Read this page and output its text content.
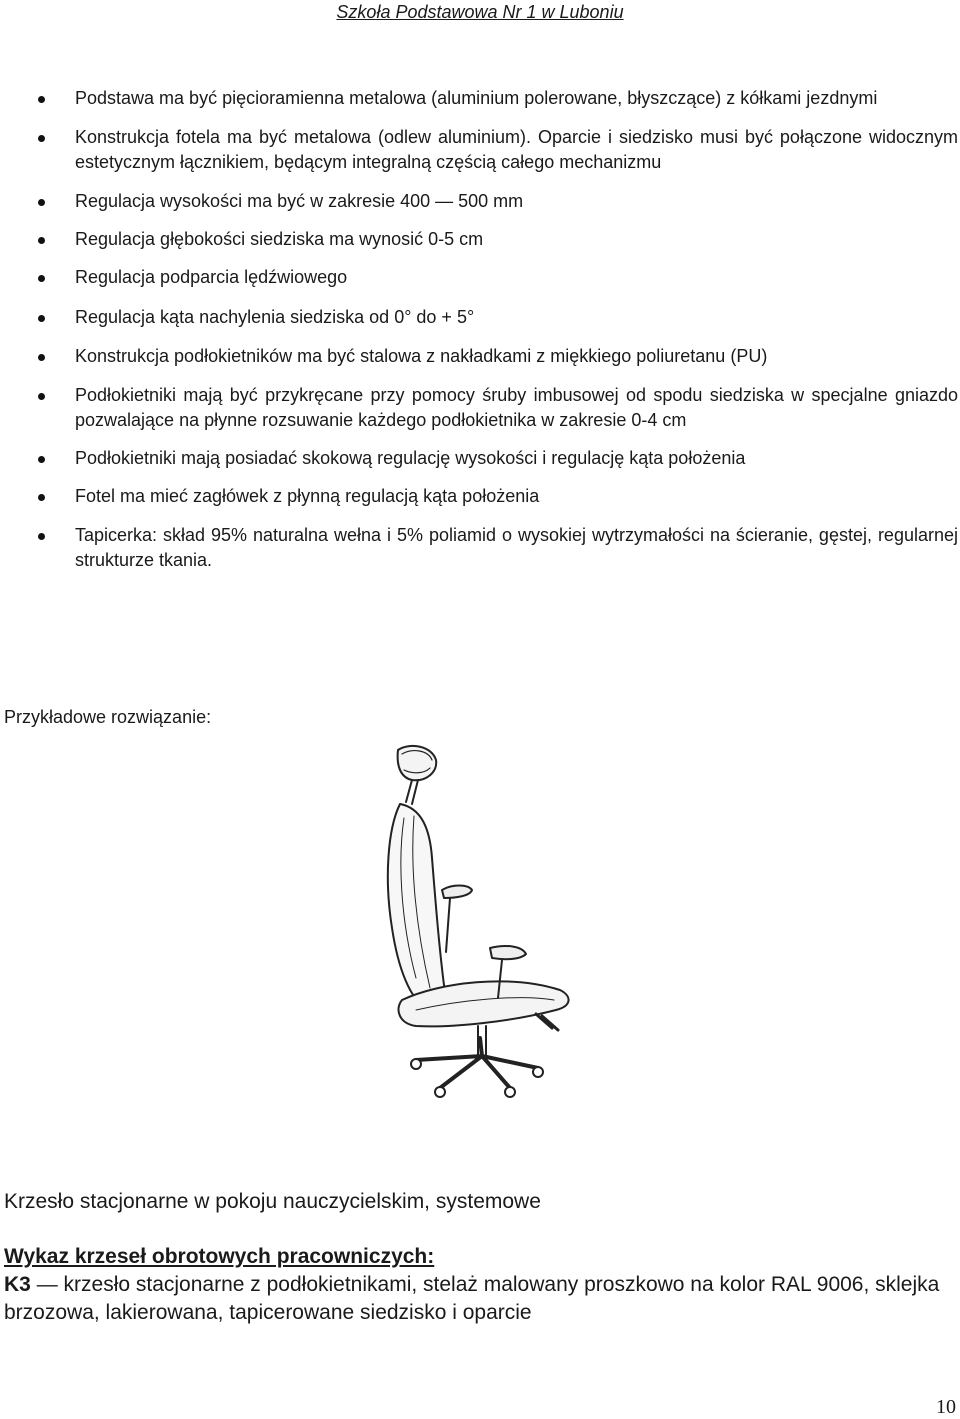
Szkoła Podstawowa Nr 1 w Luboniu
Podstawa ma być pięcioramienna metalowa (aluminium polerowane, błyszczące) z kółkami jezdnymi
Konstrukcja fotela ma być metalowa (odlew aluminium). Oparcie i siedzisko musi być połączone widocznym estetycznym łącznikiem, będącym integralną częścią całego mechanizmu
Regulacja wysokości ma być w zakresie 400 — 500 mm
Regulacja głębokości siedziska ma wynosić 0-5 cm
Regulacja podparcia lędźwiowego
Regulacja kąta nachylenia siedziska od 0° do + 5°
Konstrukcja podłokietników ma być stalowa z nakładkami z miękkiego poliuretanu (PU)
Podłokietniki mają być przykręcane przy pomocy śruby imbusowej od spodu siedziska w specjalne gniazdo pozwalające na płynne rozsuwanie każdego podłokietnika w zakresie 0-4 cm
Podłokietniki mają posiadać skokową regulację wysokości i regulację kąta położenia
Fotel ma mieć zagłówek z płynną regulacją kąta położenia
Tapicerka: skład 95% naturalna wełna i 5% poliamid o wysokiej wytrzymałości na ścieranie, gęstej, regularnej strukturze tkania.
Przykładowe rozwiązanie:
Krzesło stacjonarne w pokoju nauczycielskim, systemowe
Wykaz krzeseł obrotowych pracowniczych:
K3 — krzesło stacjonarne z podłokietnikami, stelaż malowany proszkowo na kolor RAL 9006, sklejka brzozowa, lakierowana, tapicerowane siedzisko i oparcie
10
